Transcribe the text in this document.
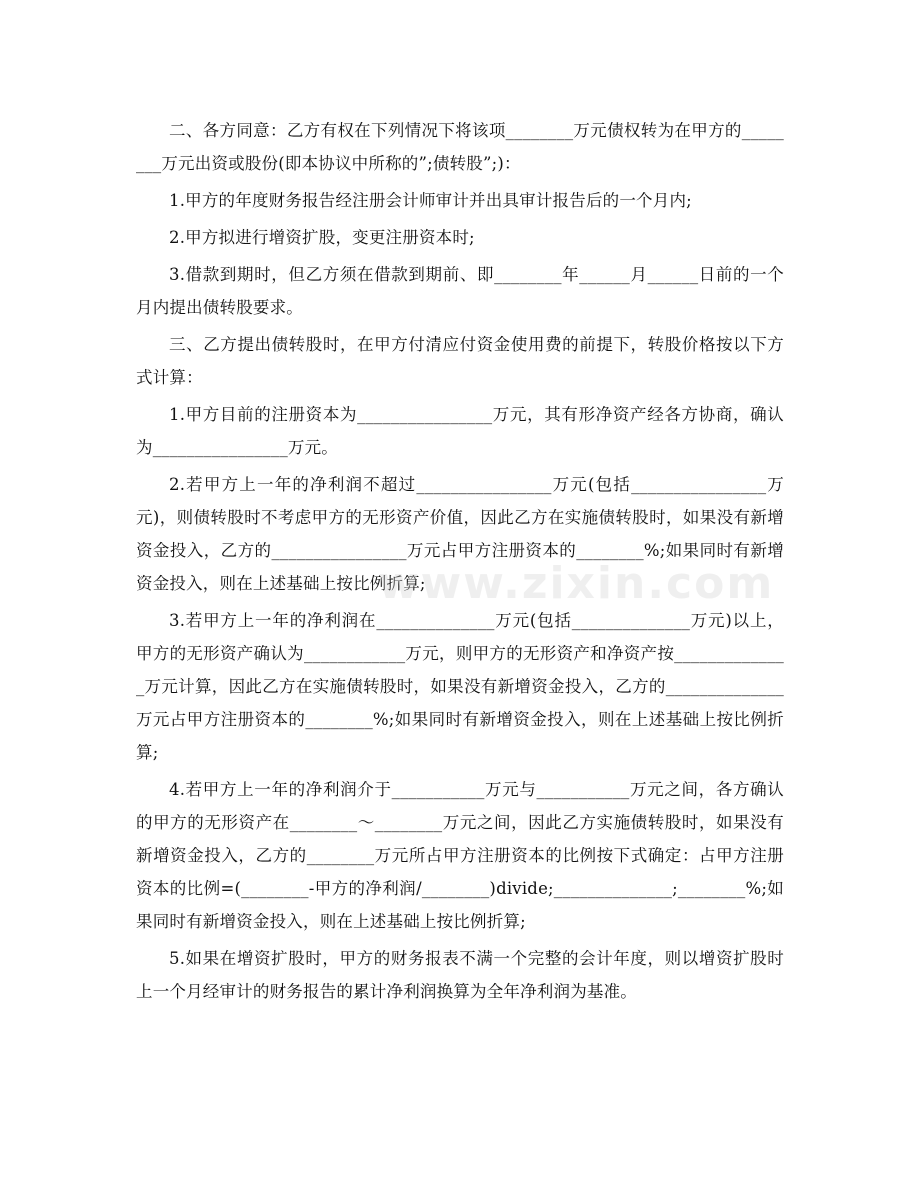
二、各方同意：乙方有权在下列情况下将该项________万元债权转为在甲方的________万元出资或股份(即本协议中所称的”;债转股”;)：

1.甲方的年度财务报告经注册会计师审计并出具审计报告后的一个月内;

2.甲方拟进行增资扩股，变更注册资本时;

3.借款到期时，但乙方须在借款到期前、即________年______月______日前的一个月内提出债转股要求。

三、乙方提出债转股时，在甲方付清应付资金使用费的前提下，转股价格按以下方式计算：

1.甲方目前的注册资本为________________万元，其有形净资产经各方协商，确认为________________万元。

2.若甲方上一年的净利润不超过________________万元(包括________________万元)，则债转股时不考虑甲方的无形资产价值，因此乙方在实施债转股时，如果没有新增资金投入，乙方的________________万元占甲方注册资本的________%;如果同时有新增资金投入，则在上述基础上按比例折算;

3.若甲方上一年的净利润在______________万元(包括______________万元)以上，甲方的无形资产确认为____________万元，则甲方的无形资产和净资产按______________万元计算，因此乙方在实施债转股时，如果没有新增资金投入，乙方的______________万元占甲方注册资本的________%;如果同时有新增资金投入，则在上述基础上按比例折算;

4.若甲方上一年的净利润介于___________万元与___________万元之间，各方确认的甲方的无形资产在________～________万元之间，因此乙方实施债转股时，如果没有新增资金投入，乙方的________万元所占甲方注册资本的比例按下式确定：占甲方注册资本的比例=(________-甲方的净利润/________)divide;______________;________%;如果同时有新增资金投入，则在上述基础上按比例折算;

5.如果在增资扩股时，甲方的财务报表不满一个完整的会计年度，则以增资扩股时上一个月经审计的财务报告的累计净利润换算为全年净利润为基准。

www.zixin.com
